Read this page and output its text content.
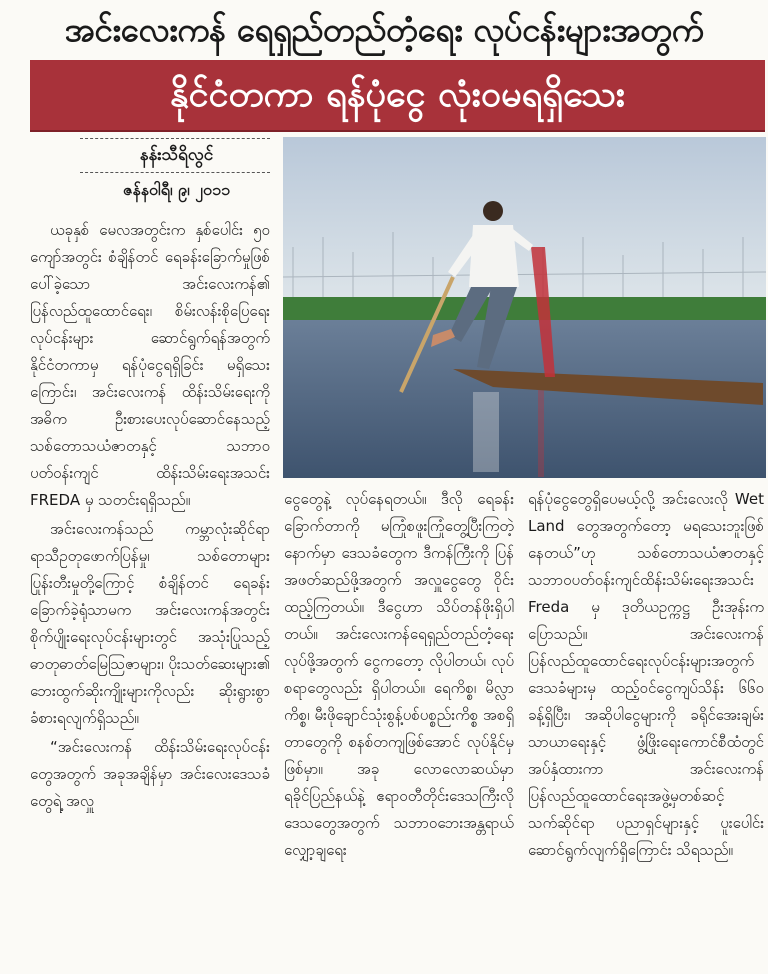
အင်းလေးကန် ရေရှည်တည်တံ့ရေး လုပ်ငန်းများအတွက်
နိုင်ငံတကာ ရန်ပုံငွေ လုံးဝမရရှိသေး
နန်းသီရိလွင်
ဇန်နဝါရီ၊ ၉၊ ၂၀၁၁

ယခုနှစ် မေလအတွင်းက နှစ်ပေါင်း ၅၀ ကျော်အတွင်း စံချိန်တင် ရေခန်းခြောက်မှုဖြစ်ပေါ်ခဲ့သော အင်းလေးကန်၏ ပြန်လည်ထူထောင်ရေး၊ စိမ်းလန်းစိုပြေရေးလုပ်ငန်းများ ဆောင်ရွက်ရန်အတွက် နိုင်ငံတကာမှ ရန်ပုံငွေရရှိခြင်း မရှိသေးကြောင်း၊ အင်းလေးကန် ထိန်းသိမ်းရေးကို အဓိက ဦးစားပေးလုပ်ဆောင်နေသည့် သစ်တောသယံဇာတနှင့် သဘာဝပတ်ဝန်းကျင် ထိန်းသိမ်းရေးအသင်း FREDA မှ သတင်းရရှိသည်။

အင်းလေးကန်သည် ကမ္ဘာလုံးဆိုင်ရာ ရာသီဥတုဖောက်ပြန်မှု၊ သစ်တောများ ပြုန်းတီးမှုတို့ကြောင့် စံချိန်တင် ရေခန်းခြောက်ခဲ့ရုံသာမက အင်းလေးကန်အတွင်း စိုက်ပျိုးရေးလုပ်ငန်းများတွင် အသုံးပြုသည့် ဓာတုဓာတ်မြေသြဇာများ၊ ပိုးသတ်ဆေးများ၏ ဘေးထွက်ဆိုးကျိုးများကိုလည်း ဆိုးရွားစွာခံစားရလျက်ရှိသည်။

“အင်းလေးကန် ထိန်းသိမ်းရေးလုပ်ငန်းတွေအတွက် အခုအချိန်မှာ အင်းလေးဒေသခံတွေရဲ့ အလှူ

ငွေတွေနဲ့ လုပ်နေရတယ်။ ဒီလို ရေခန်းခြောက်တာကို မကြုံစဖူးကြုံတွေ့ပြီးကြတဲ့နောက်မှာ ဒေသခံတွေက ဒီကန်ကြီးကို ပြန်အဖတ်ဆည်ဖို့အတွက် အလှူငွေတွေ ဝိုင်းထည့်ကြတယ်။ ဒီငွေဟာ သိပ်တန်ဖိုးရှိပါတယ်။ အင်းလေးကန်ရေရှည်တည်တံ့ရေးလုပ်ဖို့အတွက် ငွေကတော့ လိုပါတယ်၊ လုပ်စရာတွေလည်း ရှိပါတယ်။ ရေကိစ္စ၊ မိလ္လာကိစ္စ၊ မီးဖိုချောင်သုံးစွန့်ပစ်ပစ္စည်းကိစ္စ အစရှိတာတွေကို စနစ်တကျဖြစ်အောင် လုပ်နိုင်မှဖြစ်မှာ။ အခု လောလောဆယ်မှာ ရခိုင်ပြည်နယ်နဲ့ ဧရာဝတီတိုင်းဒေသကြီးလို ဒေသတွေအတွက် သဘာဝဘေးအန္တရာယ်လျှော့ချရေး

ရန်ပုံငွေတွေရှိပေမယ့်လို့ အင်းလေးလို Wet Land တွေအတွက်တော့ မရသေးဘူးဖြစ်နေတယ်”ဟု သစ်တောသယံဇာတနှင့် သဘာဝပတ်ဝန်းကျင်ထိန်းသိမ်းရေးအသင်း Freda မှ ဒုတိယဥက္ကဋ္ဌ ဦးအုန်းကပြောသည်။ အင်းလေးကန် ပြန်လည်ထူထောင်ရေးလုပ်ငန်းများအတွက် ဒေသခံများမှ ထည့်ဝင်ငွေကျပ်သိန်း ၆၆၀ ခန့်ရှိပြီး၊ အဆိုပါငွေများကို ခရိုင်အေးချမ်းသာယာရေးနှင့် ဖွံ့ဖြိုးရေးကောင်စီထံတွင် အပ်နှံထားကာ အင်းလေးကန် ပြန်လည်ထူထောင်ရေးအဖွဲ့မှတစ်ဆင့် သက်ဆိုင်ရာ ပညာရှင်များနှင့် ပူးပေါင်းဆောင်ရွက်လျက်ရှိကြောင်း သိရသည်။
